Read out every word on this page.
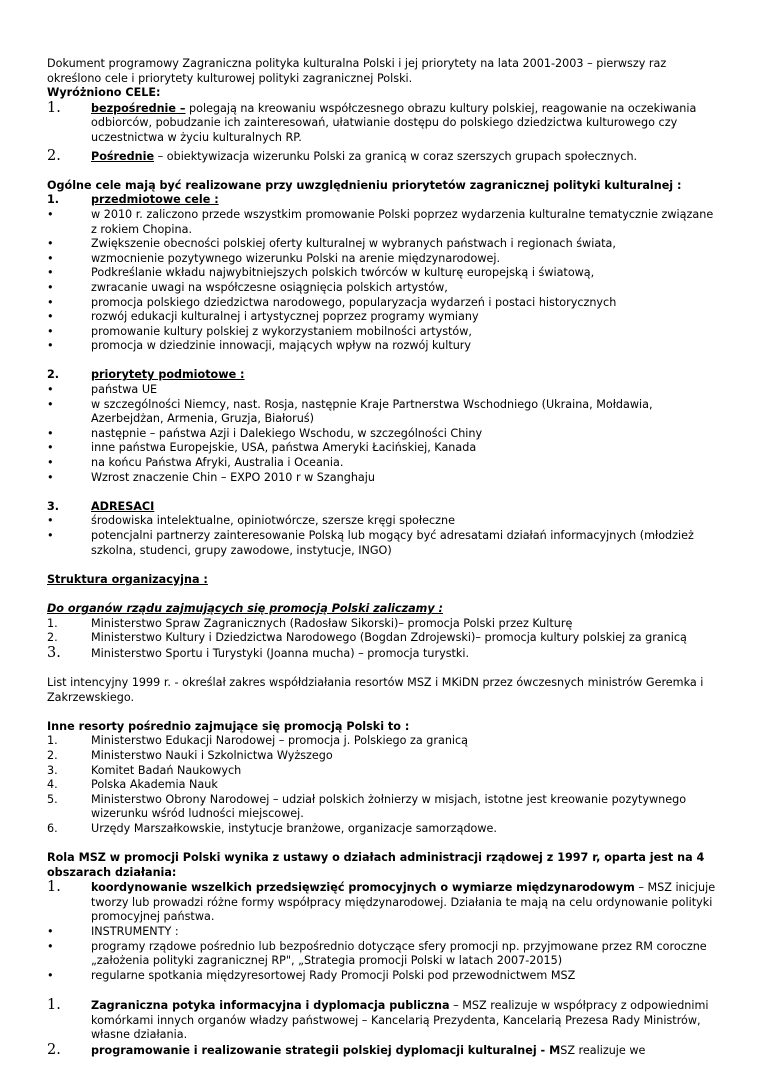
Dokument programowy Zagraniczna polityka kulturalna Polski i jej priorytety na lata 2001-2003 – pierwszy raz określono cele i priorytety kulturowej polityki zagranicznej Polski.

Wyróżniono CELE:

1.	bezpośrednie – polegają na kreowaniu współczesnego obrazu kultury polskiej, reagowanie na oczekiwania odbiorców, pobudzanie ich zainteresowań, ułatwianie dostępu do polskiego dziedzictwa kulturowego czy uczestnictwa w życiu kulturalnych RP.
2.	Pośrednie – obiektywizacja wizerunku Polski za granicą w coraz szerszych grupach społecznych.

Ogólne cele mają być realizowane przy uwzględnieniu priorytetów zagranicznej polityki kulturalnej :

1.	przedmiotowe cele :
•	w 2010 r. zaliczono przede wszystkim promowanie Polski poprzez wydarzenia kulturalne tematycznie związane z rokiem Chopina.
•	Zwiększenie obecności polskiej oferty kulturalnej w wybranych państwach i regionach świata,
•	wzmocnienie pozytywnego wizerunku Polski na arenie międzynarodowej.
•	Podkreślanie wkładu najwybitniejszych polskich twórców w kulturę europejską i światową,
•	zwracanie uwagi na współczesne osiągnięcia polskich artystów,
•	promocja polskiego dziedzictwa narodowego, popularyzacja wydarzeń i postaci historycznych
•	rozwój edukacji kulturalnej i artystycznej poprzez programy wymiany
•	promowanie kultury polskiej z wykorzystaniem mobilności artystów,
•	promocja w dziedzinie innowacji, mających wpływ na rozwój kultury
2.	priorytety podmiotowe :
•	państwa UE
•	w szczególności Niemcy, nast. Rosja, następnie Kraje Partnerstwa Wschodniego (Ukraina, Mołdawia, Azerbejdżan, Armenia, Gruzja, Białoruś)
•	następnie – państwa Azji i Dalekiego Wschodu, w szczególności Chiny
•	inne państwa Europejskie, USA, państwa Ameryki Łacińskiej, Kanada
•	na końcu Państwa Afryki, Australia i Oceania.
•	Wzrost znaczenie Chin – EXPO 2010 r w Szanghaju
3.	ADRESACI
•	środowiska intelektualne, opiniotwórcze, szersze kręgi społeczne
•	potencjalni partnerzy zainteresowanie Polską lub mogący być adresatami działań informacyjnych (młodzież szkolna, studenci, grupy zawodowe, instytucje, INGO)

Struktura organizacyjna :

Do organów rządu zajmujących się promocją Polski zaliczamy :

1.	Ministerstwo Spraw Zagranicznych (Radosław Sikorski)– promocja Polski przez Kulturę
2.	Ministerstwo Kultury i Dziedzictwa Narodowego (Bogdan Zdrojewski)– promocja kultury polskiej za granicą
3.	Ministerstwo Sportu i Turystyki (Joanna mucha) – promocja turystki.

List intencyjny 1999 r. - określał zakres współdziałania resortów MSZ i MKiDN przez ówczesnych ministrów Geremka i Zakrzewskiego.

Inne resorty pośrednio zajmujące się promocją Polski to :

1.	Ministerstwo Edukacji Narodowej – promocja j. Polskiego za granicą
2.	Ministerstwo Nauki i Szkolnictwa Wyższego
3.	Komitet Badań Naukowych
4.	Polska Akademia Nauk
5.	Ministerstwo Obrony Narodowej – udział polskich żołnierzy w misjach, istotne jest kreowanie pozytywnego wizerunku wśród ludności miejscowej.
6.	Urzędy Marszałkowskie, instytucje branżowe, organizacje samorządowe.

Rola MSZ w promocji Polski wynika z ustawy o działach administracji rządowej z 1997 r, oparta jest na 4 obszarach działania:

1.	koordynowanie wszelkich przedsięwzięć promocyjnych o wymiarze międzynarodowym – MSZ inicjuje tworzy lub prowadzi różne formy współpracy międzynarodowej. Działania te mają na celu ordynowanie polityki promocyjnej państwa.
•	INSTRUMENTY :
•	programy rządowe pośrednio lub bezpośrednio dotyczące sfery promocji np. przyjmowane przez RM coroczne „założenia polityki zagranicznej RP", „Strategia promocji Polski w latach 2007-2015)
•	regularne spotkania międzyresortowej Rady Promocji Polski pod przewodnictwem MSZ
1.	Zagraniczna potyka informacyjna i dyplomacja publiczna – MSZ realizuje w współpracy z odpowiednimi komórkami innych organów władzy państwowej – Kancelarią Prezydenta, Kancelarią Prezesa Rady Ministrów, własne działania.
2.	programowanie i realizowanie strategii polskiej dyplomacji kulturalnej - MSZ realizuje we
